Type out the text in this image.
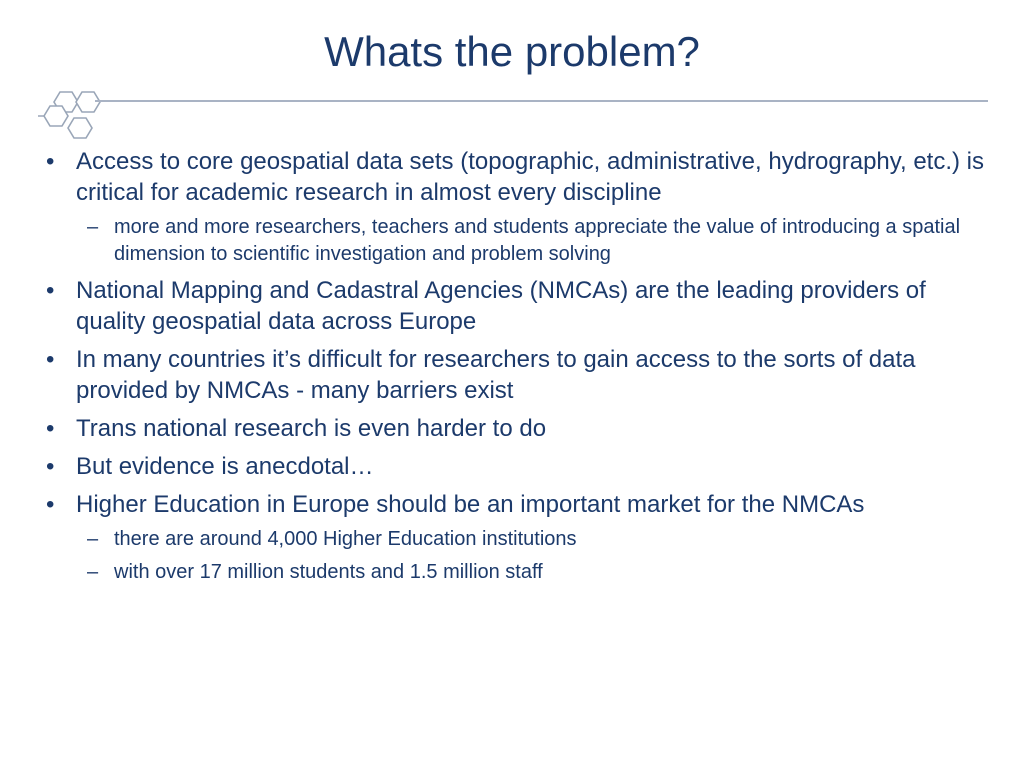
Whats the problem?
• Access to core geospatial data sets (topographic, administrative, hydrography, etc.) is critical for academic research in almost every discipline
– more and more researchers, teachers and students appreciate the value of introducing a spatial dimension to scientific investigation and problem solving
• National Mapping and Cadastral Agencies (NMCAs) are the leading providers of quality geospatial data across Europe
• In many countries it’s difficult for researchers to gain access to the sorts of data provided by NMCAs - many barriers exist
• Trans national research is even harder to do
• But evidence is anecdotal…
• Higher Education in Europe should be an important market for the NMCAs
– there are around 4,000 Higher Education institutions
– with over 17 million students and 1.5 million staff
